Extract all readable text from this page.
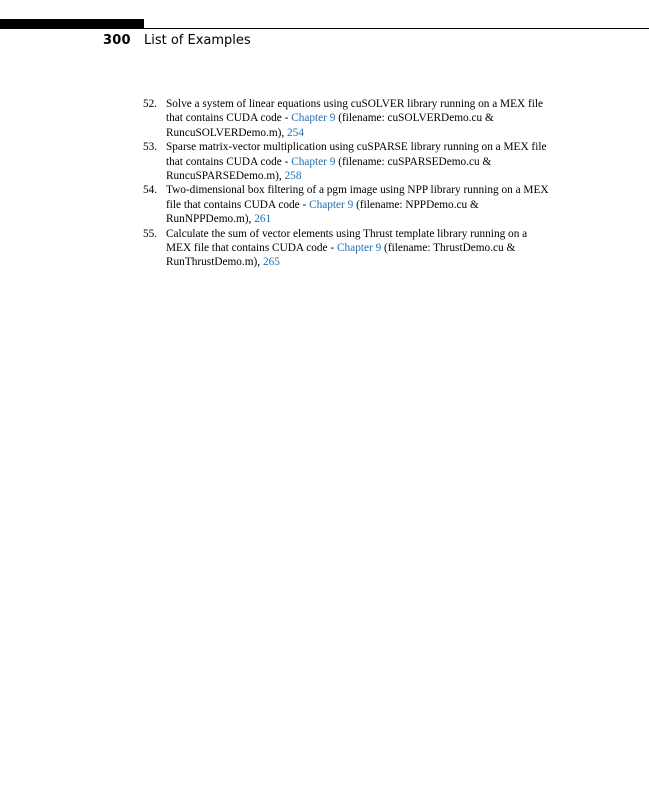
300 List of Examples
52. Solve a system of linear equations using cuSOLVER library running on a MEX file that contains CUDA code - Chapter 9 (filename: cuSOLVERDemo.cu & RuncuSOLVERDemo.m), 254
53. Sparse matrix-vector multiplication using cuSPARSE library running on a MEX file that contains CUDA code - Chapter 9 (filename: cuSPARSEDemo.cu & RuncuSPARSEDemo.m), 258
54. Two-dimensional box filtering of a pgm image using NPP library running on a MEX file that contains CUDA code - Chapter 9 (filename: NPPDemo.cu & RunNPPDemo.m), 261
55. Calculate the sum of vector elements using Thrust template library running on a MEX file that contains CUDA code - Chapter 9 (filename: ThrustDemo.cu & RunThrustDemo.m), 265
